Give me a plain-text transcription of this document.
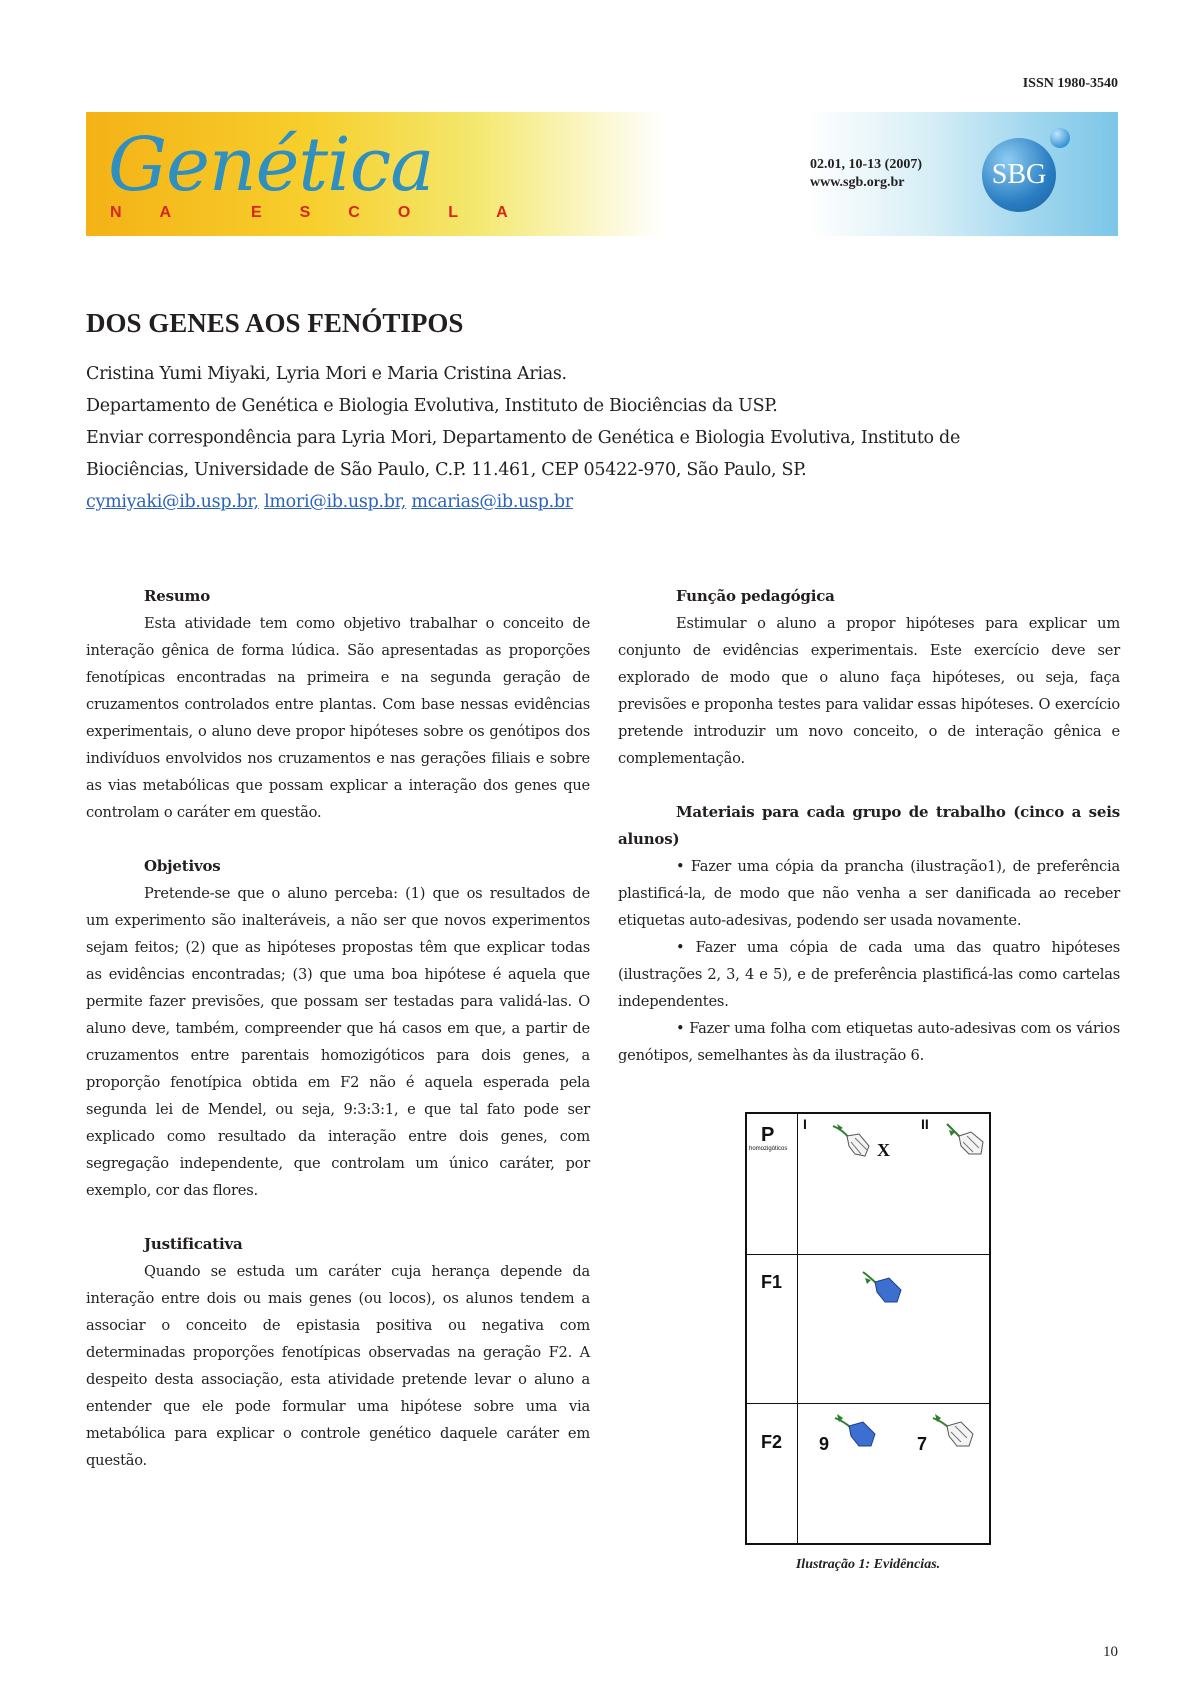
ISSN 1980-3540
Genética
NA ESCOLA
02.01, 10-13 (2007)
www.sgb.org.br	SBG
DOS GENES AOS FENÓTIPOS
Cristina Yumi Miyaki, Lyria Mori e Maria Cristina Arias.
Departamento de Genética e Biologia Evolutiva, Instituto de Biociências da USP.
Enviar correspondência para Lyria Mori, Departamento de Genética e Biologia Evolutiva, Instituto de
Biociências, Universidade de São Paulo, C.P. 11.461, CEP 05422-970, São Paulo, SP.
cymiyaki@ib.usp.br, lmori@ib.usp.br, mcarias@ib.usp.br
Resumo

Esta atividade tem como objetivo trabalhar o conceito de interação gênica de forma lúdica. São apresentadas as proporções fenotípicas encontradas na primeira e na segunda geração de cruzamentos controlados entre plantas. Com base nessas evidências experimentais, o aluno deve propor hipóteses sobre os genótipos dos indivíduos envolvidos nos cruzamentos e nas gerações filiais e sobre as vias metabólicas que possam explicar a interação dos genes que controlam o caráter em questão.

Objetivos

Pretende-se que o aluno perceba: (1) que os resultados de um experimento são inalteráveis, a não ser que novos experimentos sejam feitos; (2) que as hipóteses propostas têm que explicar todas as evidências encontradas; (3) que uma boa hipótese é aquela que permite fazer previsões, que possam ser testadas para validá-las. O aluno deve, também, compreender que há casos em que, a partir de cruzamentos entre parentais homozigóticos para dois genes, a proporção fenotípica obtida em F2 não é aquela esperada pela segunda lei de Mendel, ou seja, 9:3:3:1, e que tal fato pode ser explicado como resultado da interação entre dois genes, com segregação independente, que controlam um único caráter, por exemplo, cor das flores.

Justificativa

Quando se estuda um caráter cuja herança depende da interação entre dois ou mais genes (ou locos), os alunos tendem a associar o conceito de epistasia positiva ou negativa com determinadas proporções fenotípicas observadas na geração F2. A despeito desta associação, esta atividade pretende levar o aluno a entender que ele pode formular uma hipótese sobre uma via metabólica para explicar o controle genético daquele caráter em questão.

Função pedagógica

Estimular o aluno a propor hipóteses para explicar um conjunto de evidências experimentais. Este exercício deve ser explorado de modo que o aluno faça hipóteses, ou seja, faça previsões e proponha testes para validar essas hipóteses. O exercício pretende introduzir um novo conceito, o de interação gênica e complementação.

Materiais para cada grupo de trabalho (cinco a seis alunos)
• Fazer uma cópia da prancha (ilustração1), de preferência plastificá-la, de modo que não venha a ser danificada ao receber etiquetas auto-adesivas, podendo ser usada novamente.
• Fazer uma cópia de cada uma das quatro hipóteses (ilustrações 2, 3, 4 e 5), e de preferência plastificá-las como cartelas independentes.
• Fazer uma folha com etiquetas auto-adesivas com os vários genótipos, semelhantes às da ilustração 6.
P
homozigóticos
I	II
X
F1
F2 9	7
Ilustração 1: Evidências.
10
